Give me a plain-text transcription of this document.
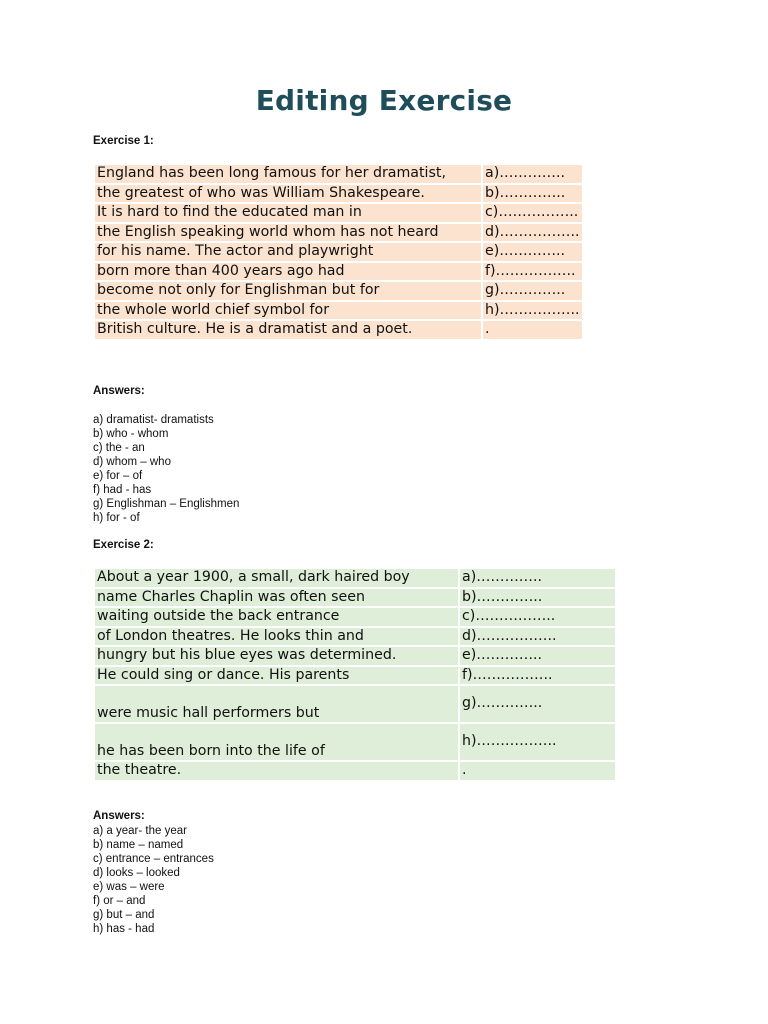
Editing Exercise
Exercise 1:
England has been long famous for her dramatist,	a)…………..
the greatest of who was William Shakespeare.	b)…………..
It is hard to find the educated man in	c)……………..
the English speaking world whom has not heard	d)……………..
for his name. The actor and playwright	e)…………..
born more than 400 years ago had	f)……………..
become not only for Englishman but for	g)…………..
the whole world chief symbol for	h)……………..
British culture. He is a dramatist and a poet.	.
Answers:
a) dramatist- dramatists
b) who - whom
c) the - an
d) whom – who
e) for – of
f) had - has
g) Englishman – Englishmen
h) for - of
Exercise 2:
About a year 1900, a small, dark haired boy	a)…………..
name Charles Chaplin was often seen	b)…………..
waiting outside the back entrance	c)……………..
of London theatres. He looks thin and	d)……………..
hungry but his blue eyes was determined.	e)…………..
He could sing or dance. His parents	f)……………..
were music hall performers but	g)…………..
he has been born into the life of	h)……………..
the theatre.	.
Answers:
a) a year- the year
b) name – named
c) entrance – entrances
d) looks – looked
e) was – were
f) or – and
g) but – and
h) has - had
